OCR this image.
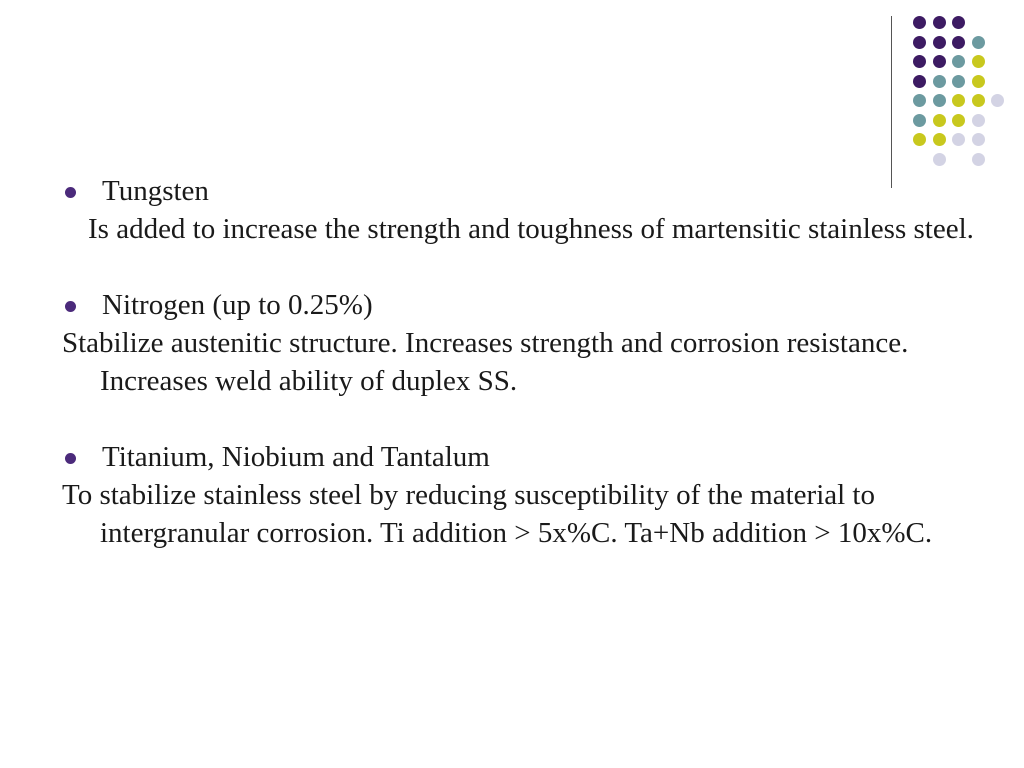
Tungsten
Is added to increase the strength and toughness of martensitic stainless steel.
Nitrogen (up to 0.25%)
Stabilize austenitic structure. Increases strength and corrosion resistance. Increases weld ability of duplex SS.
Titanium, Niobium and Tantalum
To stabilize stainless steel by reducing susceptibility of the material to intergranular corrosion. Ti addition > 5x%C. Ta+Nb addition > 10x%C.
